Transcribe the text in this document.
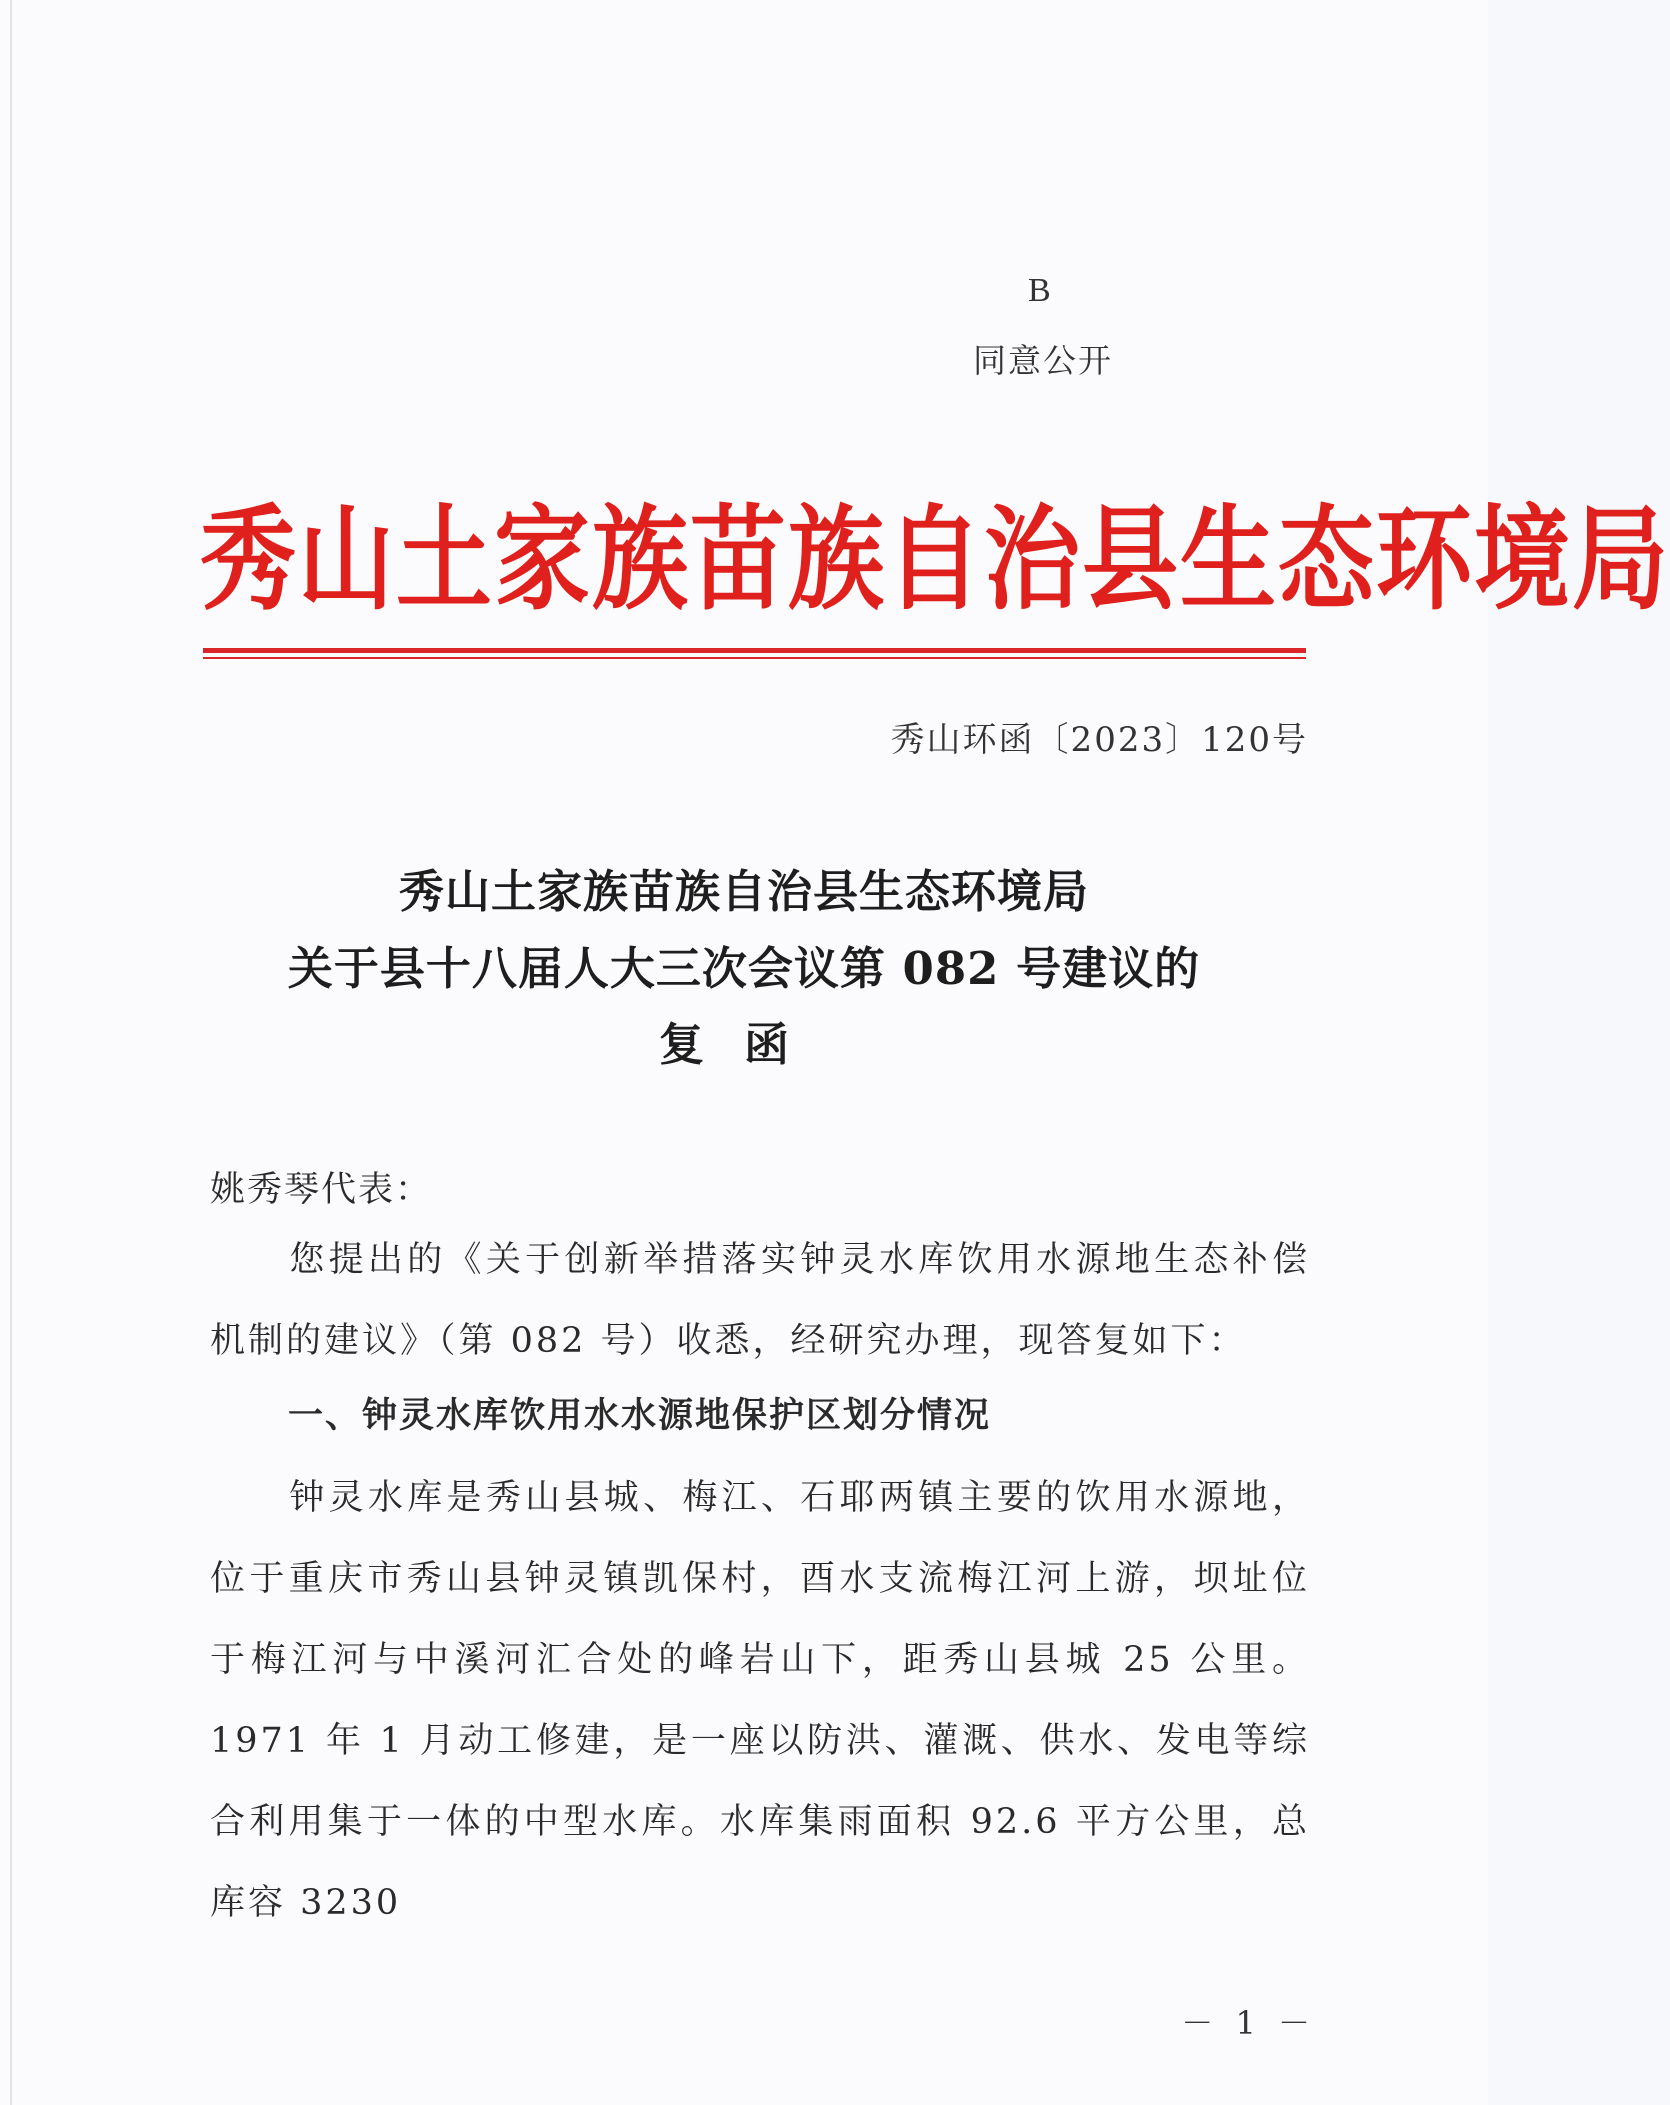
B
同意公开
秀山土家族苗族自治县生态环境局
秀山环函〔2023〕120号
秀山土家族苗族自治县生态环境局
关于县十八届人大三次会议第 082 号建议的
复函
姚秀琴代表：
您提出的《关于创新举措落实钟灵水库饮用水源地生态补偿机制的建议》（第 082 号）收悉，经研究办理，现答复如下：
一、钟灵水库饮用水水源地保护区划分情况
钟灵水库是秀山县城、梅江、石耶两镇主要的饮用水源地，位于重庆市秀山县钟灵镇凯保村，酉水支流梅江河上游，坝址位于梅江河与中溪河汇合处的峰岩山下，距秀山县城 25 公里。1971 年 1 月动工修建，是一座以防洪、灌溉、供水、发电等综合利用集于一体的中型水库。水库集雨面积 92.6 平方公里，总库容 3230
－ 1 －
